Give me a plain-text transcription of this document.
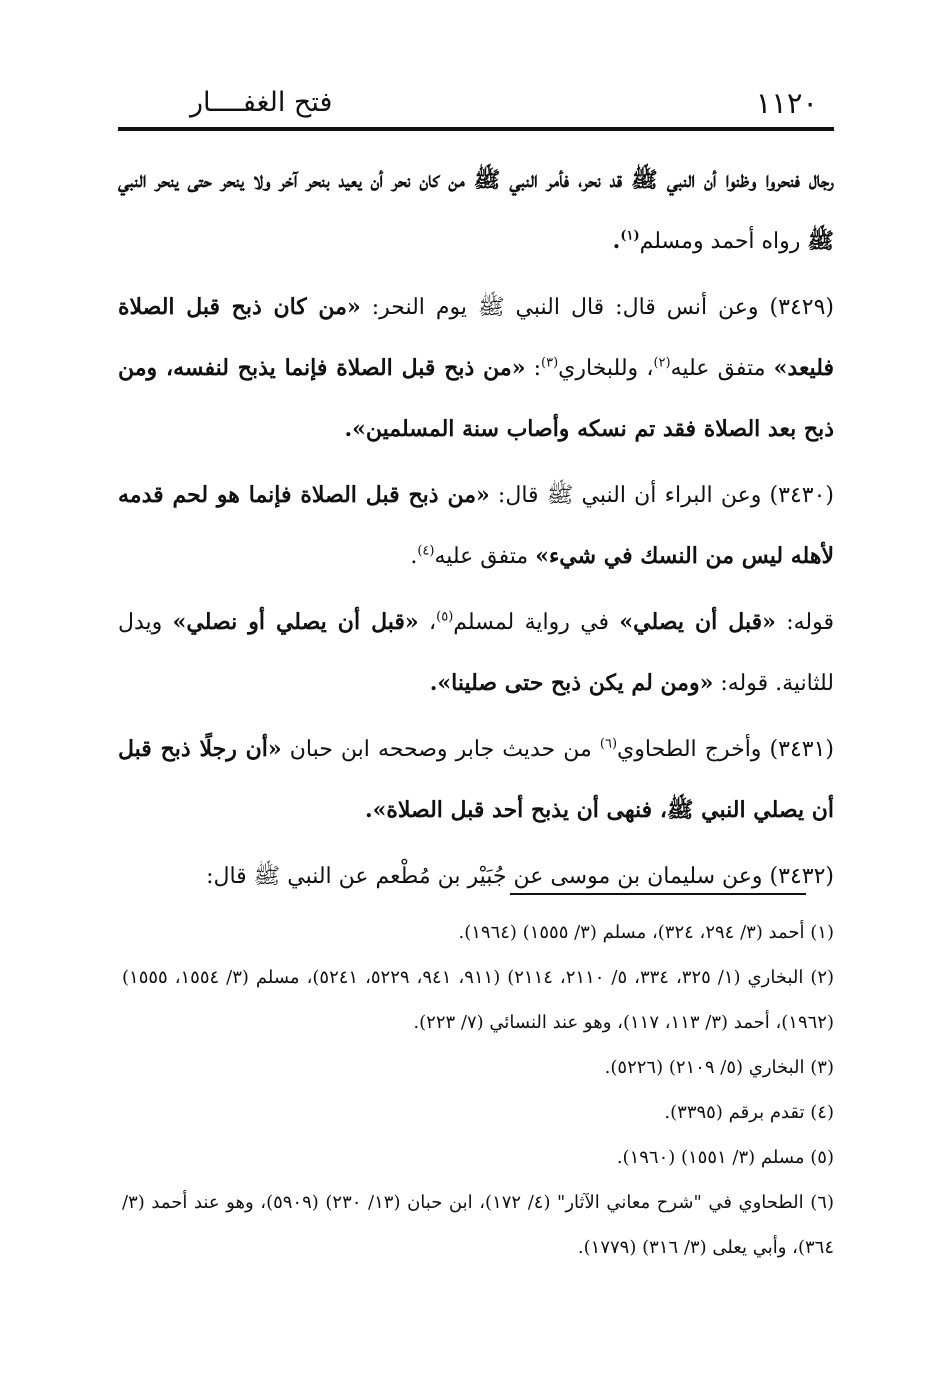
١١٢٠
فتح الغفــــار

رجال فنحروا وظنوا أن النبي ﷺ قد نحر، فأمر النبي ﷺ من كان نحر أن يعيد بنحر آخر ولا ينحر حتى ينحر النبي ﷺ رواه أحمد ومسلم$^{(١)}$.

(٣٤٢٩) وعن أنس قال: قال النبي ﷺ يوم النحر: «من كان ذبح قبل الصلاة فليعد» متفق عليه$^{(٢)}$، وللبخاري$^{(٣)}$: «من ذبح قبل الصلاة فإنما يذبح لنفسه، ومن ذبح بعد الصلاة فقد تم نسكه وأصاب سنة المسلمين».

(٣٤٣٠) وعن البراء أن النبي ﷺ قال: «من ذبح قبل الصلاة فإنما هو لحم قدمه لأهله ليس من النسك في شيء» متفق عليه$^{(٤)}$.

قوله: «قبل أن يصلي» في رواية لمسلم$^{(٥)}$، «قبل أن يصلي أو نصلي» ويدل للثانية. قوله: «ومن لم يكن ذبح حتى صلينا».

(٣٤٣١) وأخرج الطحاوي$^{(٦)}$ من حديث جابر وصححه ابن حبان «أن رجلًا ذبح قبل أن يصلي النبي ﷺ، فنهى أن يذبح أحد قبل الصلاة».

(٣٤٣٢) وعن سليمان بن موسى عن جُبَيْر بن مُطْعم عن النبي ﷺ قال:

(١) أحمد (٣/ ٢٩٤، ٣٢٤)، مسلم (٣/ ١٥٥٥) (١٩٦٤).

(٢) البخاري (١/ ٣٢٥، ٣٣٤، ٥/ ٢١١٠، ٢١١٤) (٩١١، ٩٤١، ٥٢٢٩، ٥٢٤١)، مسلم (٣/ ١٥٥٤، ١٥٥٥) (١٩٦٢)، أحمد (٣/ ١١٣، ١١٧)، وهو عند النسائي (٧/ ٢٢٣).

(٣) البخاري (٥/ ٢١٠٩) (٥٢٢٦).

(٤) تقدم برقم (٣٣٩٥).

(٥) مسلم (٣/ ١٥٥١) (١٩٦٠).

(٦) الطحاوي في "شرح معاني الآثار" (٤/ ١٧٢)، ابن حبان (١٣/ ٢٣٠) (٥٩٠٩)، وهو عند أحمد (٣/ ٣٦٤)، وأبي يعلى (٣/ ٣١٦) (١٧٧٩).
